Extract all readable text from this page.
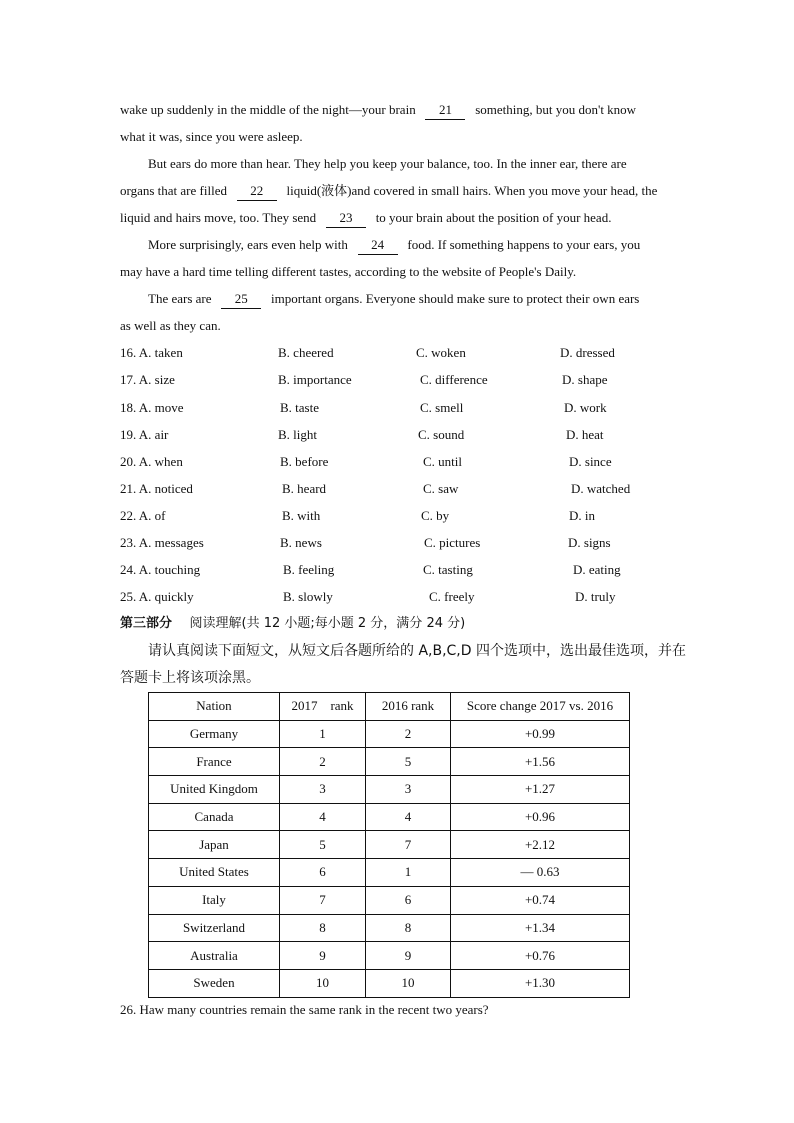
wake up suddenly in the middle of the night—your brain 21 something, but you don't know
what it was, since you were asleep.
But ears do more than hear. They help you keep your balance, too. In the inner ear, there are
organs that are filled 22 liquid(液体)and covered in small hairs. When you move your head, the
liquid and hairs move, too. They send 23 to your brain about the position of your head.
More surprisingly, ears even help with 24 food. If something happens to your ears, you
may have a hard time telling different tastes, according to the website of People's Daily.
The ears are 25 important organs. Everyone should make sure to protect their own ears
as well as they can.
16. A. taken	B. cheered	C. woken	D. dressed
17. A. size	B. importance	C. difference	D. shape
18. A. move	B. taste	C. smell	D. work
19. A. air	B. light	C. sound	D. heat
20. A. when	B. before	C. until	D. since
21. A. noticed	B. heard	C. saw	D. watched
22. A. of	B. with	C. by	D. in
23. A. messages	B. news	C. pictures	D. signs
24. A. touching	B. feeling	C. tasting	D. eating
25. A. quickly	B. slowly	C. freely	D. truly
第三部分 阅读理解(共 12 小题;每小题 2 分，满分 24 分)
请认真阅读下面短文，从短文后各题所给的 A,B,C,D 四个选项中，选出最佳选项，并在
答题卡上将该项涂黑。
Nation	2017    rank	2016 rank	Score change 2017 vs. 2016
Germany	1	2	+0.99
France	2	5	+1.56
United Kingdom	3	3	+1.27
Canada	4	4	+0.96
Japan	5	7	+2.12
United States	6	1	— 0.63
Italy	7	6	+0.74
Switzerland	8	8	+1.34
Australia	9	9	+0.76
Sweden	10	10	+1.30
26. Haw many countries remain the same rank in the recent two years?
